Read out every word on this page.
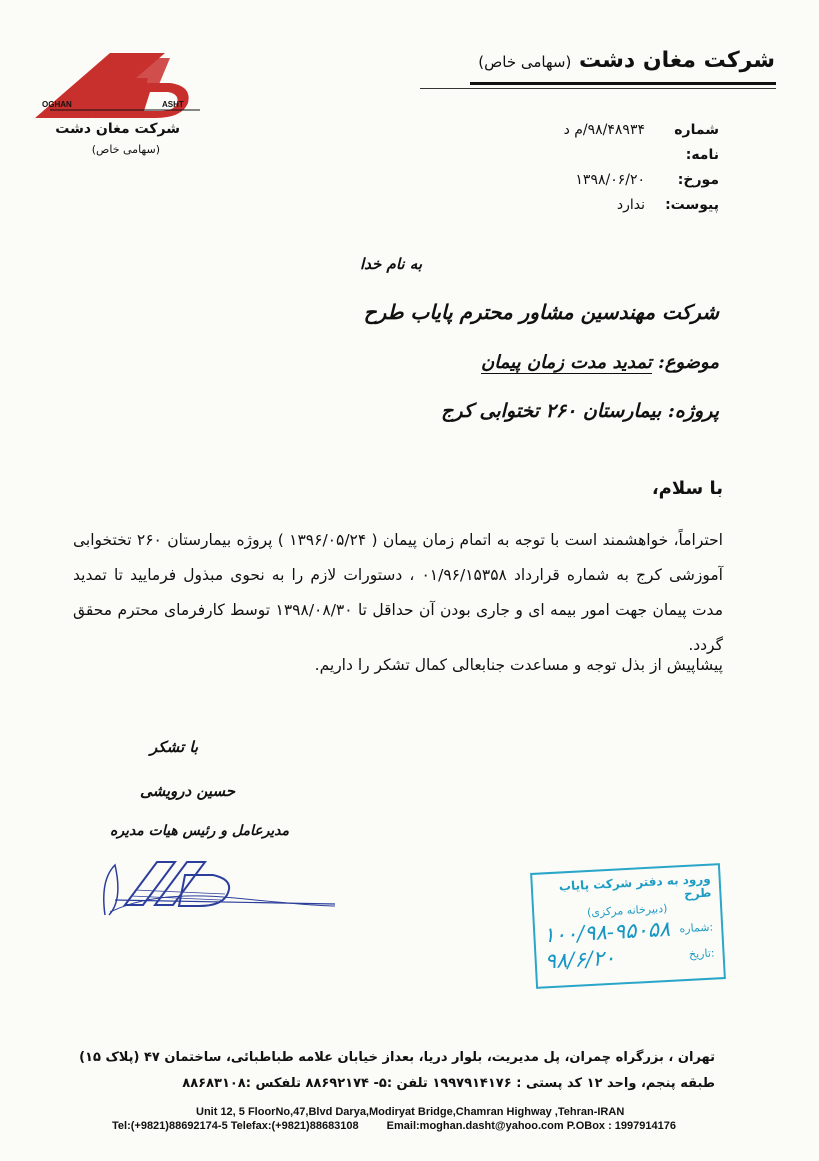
OGHAN	ASHT
شرکت مغان دشت
(سهامی خاص)
شرکت مغان دشت (سهامی خاص)
شماره نامه:
۹۸/۴۸۹۳۴/م د
مورخ:
۱۳۹۸/۰۶/۲۰
پیوست:
ندارد
به نام خدا
شرکت مهندسین مشاور محترم پایاب طرح
موضوع: تمدید مدت زمان پیمان
پروژه: بیمارستان ۲۶۰ تختوابی کرج
با سلام،
احتراماً، خواهشمند است با توجه به اتمام زمان پیمان ( ۱۳۹۶/۰۵/۲۴ ) پروژه بیمارستان ۲۶۰ تختخوابی آموزشی کرج به شماره قرارداد ۰۱/۹۶/۱۵۳۵۸ ، دستورات لازم را به نحوی مبذول فرمایید تا تمدید مدت پیمان جهت امور بیمه ای و جاری بودن آن حداقل تا ۱۳۹۸/۰۸/۳۰ توسط کارفرمای محترم محقق گردد.
پیشاپیش از بذل توجه و مساعدت جنابعالی کمال تشکر را داریم.
با تشکر
حسین درویشی
مدیرعامل و رئیس هیات مدیره
ورود به دفتر شرکت پایاب طرح
(دبیرخانه مرکزی)
۱۰۰/۹۸-۹۵۰۵۸ شماره:
۹۸/۶/۲۰	تاریخ:
تهران ، بزرگراه چمران، پل مدیریت، بلوار دریا، بعداز خیابان علامه طباطبائی، ساختمان ۴۷ (پلاک ۱۵)
طبقه پنجم، واحد ۱۲ کد پستی : ۱۹۹۷۹۱۴۱۷۶ تلفن :۵- ۸۸۶۹۲۱۷۴ تلفکس :۸۸۶۸۳۱۰۸
Unit 12, 5 FloorNo,47,Blvd Darya,Modiryat Bridge,Chamran Highway ,Tehran-IRAN
Tel:(+9821)88692174-5 Telefax:(+9821)88683108	Email:moghan.dasht@yahoo.com P.OBox : 1997914176
